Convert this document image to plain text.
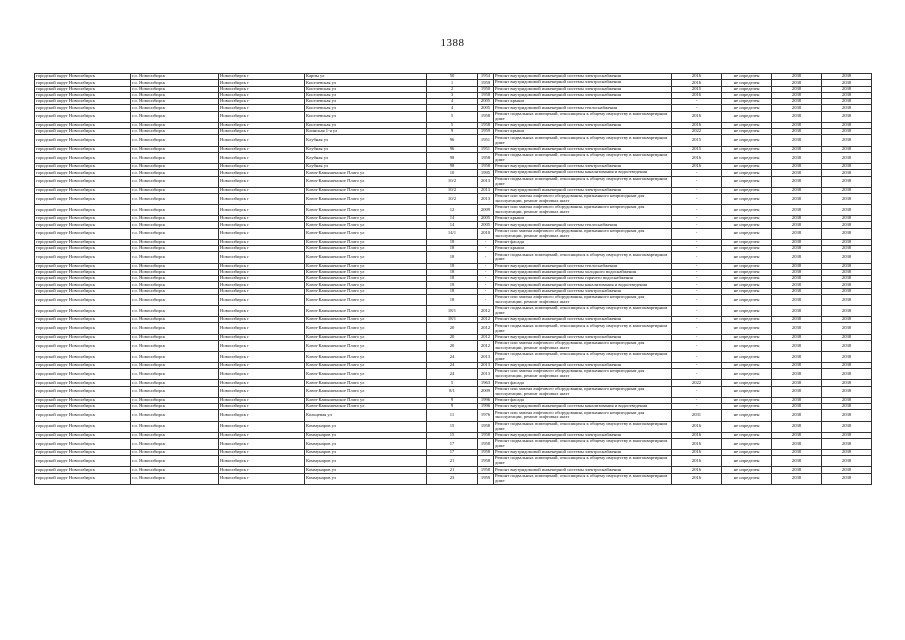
1388
городской округ Новосибирск	г.о. Новосибирск	Новосибирск г	Карпы ул	50	1954	Ремонт внутридомовой инженерной системы электроснабжения	2016	не определен	2038	2038
городской округ Новосибирск	г.о. Новосибирск	Новосибирск г	Киселевская ул	1	1959	Ремонт внутридомовой инженерной системы электроснабжения	2016	не определен	2038	2038
городской округ Новосибирск	г.о. Новосибирск	Новосибирск г	Киселевская ул	2	1950	Ремонт внутридомовой инженерной системы электроснабжения	2015	не определен	2038	2038
городской округ Новосибирск	г.о. Новосибирск	Новосибирск г	Киселевская ул	3	1958	Ремонт внутридомовой инженерной системы электроснабжения	2016	не определен	2038	2038
городской округ Новосибирск	г.о. Новосибирск	Новосибирск г	Киселевская ул	4	2005	Ремонт крыши	-	не определен	2038	2038
городской округ Новосибирск	г.о. Новосибирск	Новосибирск г	Киселевская ул	4	2005	Ремонт внутридомовой инженерной системы теплоснабжения	-	не определен	2038	2038
городской округ Новосибирск	г.о. Новосибирск	Новосибирск г	Киселевская ул	5	1958	Ремонт подвальных помещений, относящихся к общему имуществу в многоквартирном доме	2016	не определен	2038	2038
городской округ Новосибирск	г.о. Новосибирск	Новосибирск г	Киселевская ул	5	1958	Ремонт внутридомовой инженерной системы электроснабжения	2016	не определен	2038	2038
городской округ Новосибирск	г.о. Новосибирск	Новосибирск г	Клинская 1-я ул	9	1959	Ремонт крыши	2022	не определен	2038	2038
городской округ Новосибирск	г.о. Новосибирск	Новосибирск г	Клубная ул	96	1951	Ремонт подвальных помещений, относящихся к общему имуществу в многоквартирном доме	2015	не определен	2038	2038
городской округ Новосибирск	г.о. Новосибирск	Новосибирск г	Клубная ул	96	1951	Ремонт внутридомовой инженерной системы электроснабжения	2015	не определен	2038	2038
городской округ Новосибирск	г.о. Новосибирск	Новосибирск г	Клубная ул	98	1958	Ремонт подвальных помещений, относящихся к общему имуществу в многоквартирном доме	2016	не определен	2038	2038
городской округ Новосибирск	г.о. Новосибирск	Новосибирск г	Клубная ул	98	1958	Ремонт внутридомовой инженерной системы электроснабжения	2016	не определен	2038	2038
городской округ Новосибирск	г.о. Новосибирск	Новосибирск г	Ключ-Камышенское Плато ул	10	1995	Ремонт внутридомовой инженерной системы канализования и водоотведения	-	не определен	2038	2038
городской округ Новосибирск	г.о. Новосибирск	Новосибирск г	Ключ-Камышенское Плато ул	10/2	2013	Ремонт подвальных помещений, относящихся к общему имуществу в многоквартирном доме	-	не определен	2038	2038
городской округ Новосибирск	г.о. Новосибирск	Новосибирск г	Ключ-Камышенское Плато ул	10/2	2013	Ремонт внутридомовой инженерной системы электроснабжения	-	не определен	2038	2038
городской округ Новосибирск	г.о. Новосибирск	Новосибирск г	Ключ-Камышенское Плато ул	10/2	2013	Ремонт или замена лифтового оборудования, признанного непригодным для эксплуатации, ремонт лифтовых шахт	-	не определен	2038	2038
городской округ Новосибирск	г.о. Новосибирск	Новосибирск г	Ключ-Камышенское Плато ул	12	2009	Ремонт или замена лифтового оборудования, признанного непригодным для эксплуатации, ремонт лифтовых шахт	-	не определен	2038	2038
городской округ Новосибирск	г.о. Новосибирск	Новосибирск г	Ключ-Камышенское Плато ул	14	2005	Ремонт крыши	-	не определен	2038	2038
городской округ Новосибирск	г.о. Новосибирск	Новосибирск г	Ключ-Камышенское Плато ул	14	2005	Ремонт внутридомовой инженерной системы теплоснабжения	-	не определен	2038	2038
городской округ Новосибирск	г.о. Новосибирск	Новосибирск г	Ключ-Камышенское Плато ул	14/1	2010	Ремонт или замена лифтового оборудования, признанного непригодным для эксплуатации, ремонт лифтовых шахт	-	не определен	2038	2038
городской округ Новосибирск	г.о. Новосибирск	Новосибирск г	Ключ-Камышенское Плато ул	18	-	Ремонт фасада	-	не определен	2038	2038
городской округ Новосибирск	г.о. Новосибирск	Новосибирск г	Ключ-Камышенское Плато ул	18	-	Ремонт крыши	-	не определен	2038	2038
городской округ Новосибирск	г.о. Новосибирск	Новосибирск г	Ключ-Камышенское Плато ул	18	-	Ремонт подвальных помещений, относящихся к общему имуществу в многоквартирном доме	-	не определен	2038	2038
городской округ Новосибирск	г.о. Новосибирск	Новосибирск г	Ключ-Камышенское Плато ул	18	-	Ремонт внутридомовой инженерной системы теплоснабжения	-	не определен	2038	2038
городской округ Новосибирск	г.о. Новосибирск	Новосибирск г	Ключ-Камышенское Плато ул	18	-	Ремонт внутридомовой инженерной системы холодного водоснабжения	-	не определен	2038	2038
городской округ Новосибирск	г.о. Новосибирск	Новосибирск г	Ключ-Камышенское Плато ул	18	-	Ремонт внутридомовой инженерной системы горячего водоснабжения	-	не определен	2038	2038
городской округ Новосибирск	г.о. Новосибирск	Новосибирск г	Ключ-Камышенское Плато ул	18	-	Ремонт внутридомовой инженерной системы канализования и водоотведения	-	не определен	2038	2038
городской округ Новосибирск	г.о. Новосибирск	Новосибирск г	Ключ-Камышенское Плато ул	18	-	Ремонт внутридомовой инженерной системы электроснабжения	-	не определен	2038	2038
городской округ Новосибирск	г.о. Новосибирск	Новосибирск г	Ключ-Камышенское Плато ул	18	-	Ремонт или замена лифтового оборудования, признанного непригодным для эксплуатации, ремонт лифтовых шахт	-	не определен	2038	2038
городской округ Новосибирск	г.о. Новосибирск	Новосибирск г	Ключ-Камышенское Плато ул	18/1	2012	Ремонт подвальных помещений, относящихся к общему имуществу в многоквартирном доме	-	не определен	2038	2038
городской округ Новосибирск	г.о. Новосибирск	Новосибирск г	Ключ-Камышенское Плато ул	18/1	2012	Ремонт внутридомовой инженерной системы электроснабжения	-	не определен	2038	2038
городской округ Новосибирск	г.о. Новосибирск	Новосибирск г	Ключ-Камышенское Плато ул	20	2012	Ремонт подвальных помещений, относящихся к общему имуществу в многоквартирном доме	-	не определен	2038	2038
городской округ Новосибирск	г.о. Новосибирск	Новосибирск г	Ключ-Камышенское Плато ул	20	2012	Ремонт внутридомовой инженерной системы электроснабжения	-	не определен	2038	2038
городской округ Новосибирск	г.о. Новосибирск	Новосибирск г	Ключ-Камышенское Плато ул	20	2012	Ремонт или замена лифтового оборудования, признанного непригодным для эксплуатации, ремонт лифтовых шахт	-	не определен	2038	2038
городской округ Новосибирск	г.о. Новосибирск	Новосибирск г	Ключ-Камышенское Плато ул	24	2013	Ремонт подвальных помещений, относящихся к общему имуществу в многоквартирном доме	-	не определен	2038	2038
городской округ Новосибирск	г.о. Новосибирск	Новосибирск г	Ключ-Камышенское Плато ул	24	2013	Ремонт внутридомовой инженерной системы электроснабжения	-	не определен	2038	2038
городской округ Новосибирск	г.о. Новосибирск	Новосибирск г	Ключ-Камышенское Плато ул	24	2013	Ремонт или замена лифтового оборудования, признанного непригодным для эксплуатации, ремонт лифтовых шахт	-	не определен	2038	2038
городской округ Новосибирск	г.о. Новосибирск	Новосибирск г	Ключ-Камышенское Плато ул	5	1963	Ремонт фасада	2022	не определен	2038	2038
городской округ Новосибирск	г.о. Новосибирск	Новосибирск г	Ключ-Камышенское Плато ул	8/1	2009	Ремонт или замена лифтового оборудования, признанного непригодным для эксплуатации, ремонт лифтовых шахт	-	не определен	2038	2038
городской округ Новосибирск	г.о. Новосибирск	Новосибирск г	Ключ-Камышенское Плато ул	9	1996	Ремонт фасада	-	не определен	2038	2038
городской округ Новосибирск	г.о. Новосибирск	Новосибирск г	Ключ-Камышенское Плато ул	9	1996	Ремонт внутридомовой инженерной системы канализования и водоотведения	-	не определен	2038	2038
городской округ Новосибирск	г.о. Новосибирск	Новосибирск г	Кольцевая ул	11	1976	Ремонт или замена лифтового оборудования, признанного непригодным для эксплуатации, ремонт лифтовых шахт	2031	не определен	2038	2038
городской округ Новосибирск	г.о. Новосибирск	Новосибирск г	Коммунаров ул	15	1958	Ремонт подвальных помещений, относящихся к общему имуществу в многоквартирном доме	2016	не определен	2038	2038
городской округ Новосибирск	г.о. Новосибирск	Новосибирск г	Коммунаров ул	15	1958	Ремонт внутридомовой инженерной системы электроснабжения	2016	не определен	2038	2038
городской округ Новосибирск	г.о. Новосибирск	Новосибирск г	Коммунаров ул	17	1958	Ремонт подвальных помещений, относящихся к общему имуществу в многоквартирном доме	2016	не определен	2038	2038
городской округ Новосибирск	г.о. Новосибирск	Новосибирск г	Коммунаров ул	17	1958	Ремонт внутридомовой инженерной системы электроснабжения	2016	не определен	2038	2038
городской округ Новосибирск	г.о. Новосибирск	Новосибирск г	Коммунаров ул	21	1958	Ремонт подвальных помещений, относящихся к общему имуществу в многоквартирном доме	2016	не определен	2038	2038
городской округ Новосибирск	г.о. Новосибирск	Новосибирск г	Коммунаров ул	21	1958	Ремонт внутридомовой инженерной системы электроснабжения	2016	не определен	2038	2038
городской округ Новосибирск	г.о. Новосибирск	Новосибирск г	Коммунаров ул	23	1959	Ремонт подвальных помещений, относящихся к общему имуществу в многоквартирном доме	2016	не определен	2038	2038
